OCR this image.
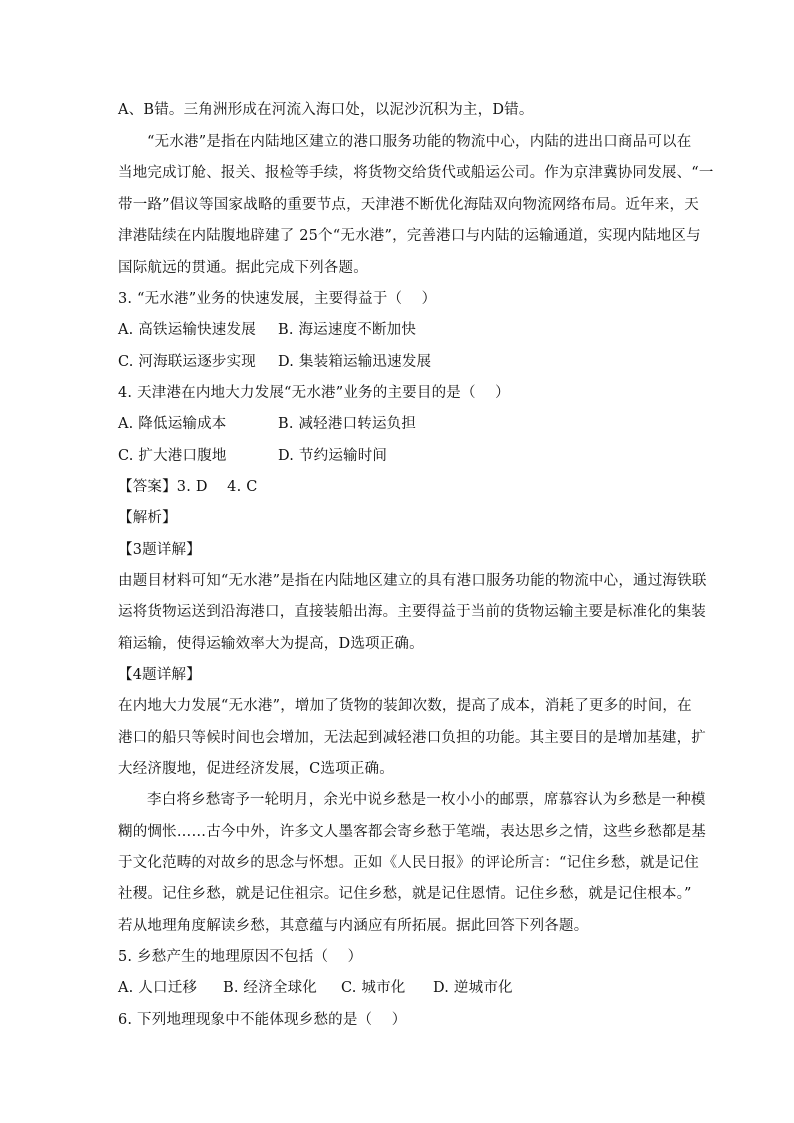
A、B错。三角洲形成在河流入海口处，以泥沙沉积为主，D错。
“无水港”是指在内陆地区建立的港口服务功能的物流中心，内陆的进出口商品可以在
当地完成订舱、报关、报检等手续，将货物交给货代或船运公司。作为京津冀协同发展、“一
带一路”倡议等国家战略的重要节点，天津港不断优化海陆双向物流网络布局。近年来，天
津港陆续在内陆腹地辟建了 25个“无水港”，完善港口与内陆的运输通道，实现内陆地区与
国际航远的贯通。据此完成下列各题。
3. “无水港”业务的快速发展，主要得益于（　 ）
A. 高铁运输快速发展 B. 海运速度不断加快
C. 河海联运逐步实现 D. 集装箱运输迅速发展
4. 天津港在内地大力发展“无水港”业务的主要目的是（　 ）
A. 降低运输成本	B. 减轻港口转运负担
C. 扩大港口腹地	D. 节约运输时间
【答案】3. D　 4. C
【解析】
【3题详解】
由题目材料可知“无水港”是指在内陆地区建立的具有港口服务功能的物流中心，通过海铁联
运将货物运送到沿海港口，直接装船出海。主要得益于当前的货物运输主要是标准化的集装
箱运输，使得运输效率大为提高，D选项正确。
【4题详解】
在内地大力发展“无水港”，增加了货物的装卸次数，提高了成本，消耗了更多的时间，在
港口的船只等候时间也会增加，无法起到减轻港口负担的功能。其主要目的是增加基建，扩
大经济腹地，促进经济发展，C选项正确。
李白将乡愁寄予一轮明月，余光中说乡愁是一枚小小的邮票，席慕容认为乡愁是一种模
糊的惆怅……古今中外，许多文人墨客都会寄乡愁于笔端，表达思乡之情，这些乡愁都是基
于文化范畴的对故乡的思念与怀想。正如《人民日报》的评论所言：“记住乡愁，就是记住
社稷。记住乡愁，就是记住祖宗。记住乡愁，就是记住恩情。记住乡愁，就是记住根本。”
若从地理角度解读乡愁，其意蕴与内涵应有所拓展。据此回答下列各题。
5. 乡愁产生的地理原因不包括（　 ）
A. 人口迁移 B. 经济全球化 C. 城市化 D. 逆城市化
6. 下列地理现象中不能体现乡愁的是（　 ）
